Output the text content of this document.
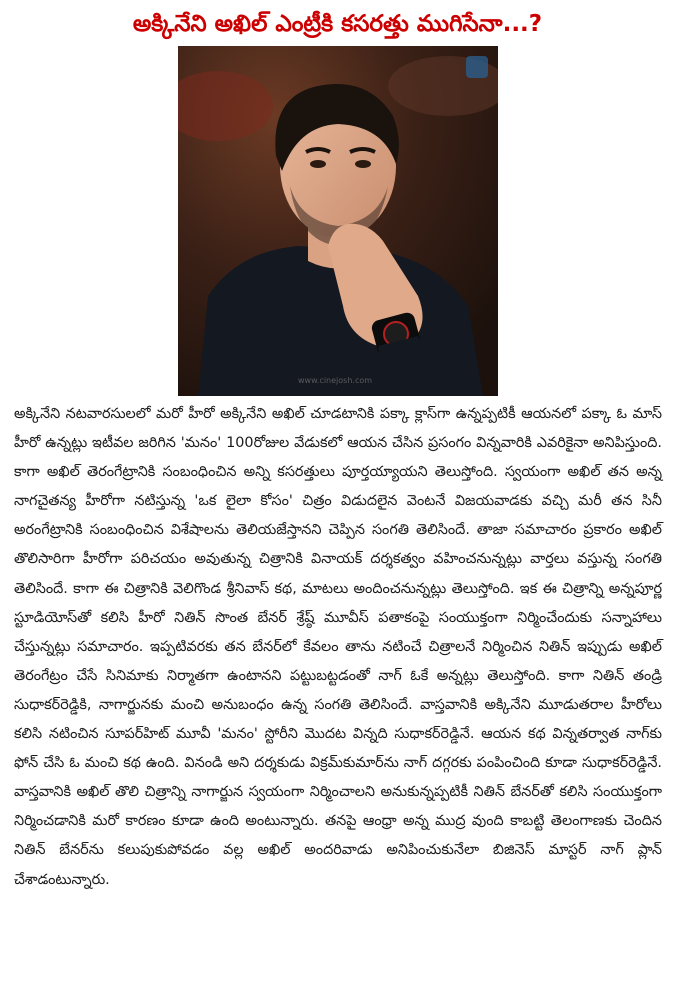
అక్కినేని అఖిల్ ఎంట్రీకి కసరత్తు ముగిసేనా...?
www.cinejosh.com

అక్కినేని నటవారసులలో మరో హీరో అక్కినేని అఖిల్ చూడటానికి పక్కా క్లాస్‌గా ఉన్నప్పటికీ ఆయనలో పక్కా ఓ మాస్ హీరో ఉన్నట్లు ఇటీవల జరిగిన 'మనం' 100రోజుల వేడుకలో ఆయన చేసిన ప్రసంగం విన్నవారికి ఎవరికైనా అనిపిస్తుంది. కాగా అఖిల్ తెరంగేట్రానికి సంబంధించిన అన్ని కసరత్తులు పూర్తయ్యాయని తెలుస్తోంది. స్వయంగా అఖిల్ తన అన్న నాగచైతన్య హీరోగా నటిస్తున్న 'ఒక లైలా కోసం' చిత్రం విడుదలైన వెంటనే విజయవాడకు వచ్చి మరీ తన సినీ అరంగేట్రానికి సంబంధించిన విశేషాలను తెలియజేస్తానని చెప్పిన సంగతి తెలిసిందే. తాజా సమాచారం ప్రకారం అఖిల్ తొలిసారిగా హీరోగా పరిచయం అవుతున్న చిత్రానికి వినాయక్ దర్శకత్వం వహించనున్నట్లు వార్తలు వస్తున్న సంగతి తెలిసిందే. కాగా ఈ చిత్రానికి వెలిగొండ శ్రీనివాస్ కథ, మాటలు అందించనున్నట్లు తెలుస్తోంది. ఇక ఈ చిత్రాన్ని అన్నపూర్ణ స్టూడియోస్‌తో కలిసి హీరో నితిన్ సొంత బేనర్ శ్రేష్ఠ్ మూవీస్ పతాకంపై సంయుక్తంగా నిర్మించేందుకు సన్నాహాలు చేస్తున్నట్లు సమాచారం. ఇప్పటివరకు తన బేనర్‌లో కేవలం తాను నటించే చిత్రాలనే నిర్మించిన నితిన్ ఇప్పుడు అఖిల్ తెరంగేట్రం చేసే సినిమాకు నిర్మాతగా ఉంటానని పట్టుబట్టడంతో నాగ్ ఓకే అన్నట్లు తెలుస్తోంది. కాగా నితిన్ తండ్రి సుధాకర్‌రెడ్డికి, నాగార్జునకు మంచి అనుబంధం ఉన్న సంగతి తెలిసిందే. వాస్తవానికి అక్కినేని మూడుతరాల హీరోలు కలిసి నటించిన సూపర్‌హిట్ మూవీ 'మనం' స్టోరీని మొదట విన్నది సుధాకర్‌రెడ్డినే. ఆయన కథ విన్నతర్వాత నాగ్‌కు ఫోన్ చేసి ఓ మంచి కథ ఉంది. వినండి అని దర్శకుడు విక్రమ్‌కుమార్‌ను నాగ్ దగ్గరకు పంపించింది కూడా సుధాకర్‌రెడ్డినే. వాస్తవానికి అఖిల్ తొలి చిత్రాన్ని నాగార్జున స్వయంగా నిర్మించాలని అనుకున్నప్పటికీ నితిన్ బేనర్‌తో కలిసి సంయుక్తంగా నిర్మించడానికి మరో కారణం కూడా ఉంది అంటున్నారు. తనపై ఆంధ్రా అన్న ముద్ర వుంది కాబట్టి తెలంగాణకు చెందిన నితిన్ బేనర్‌ను కలుపుకుపోవడం వల్ల అఖిల్ అందరివాడు అనిపించుకునేలా బిజినెస్ మాస్టర్ నాగ్ ప్లాన్ చేశాడంటున్నారు.
